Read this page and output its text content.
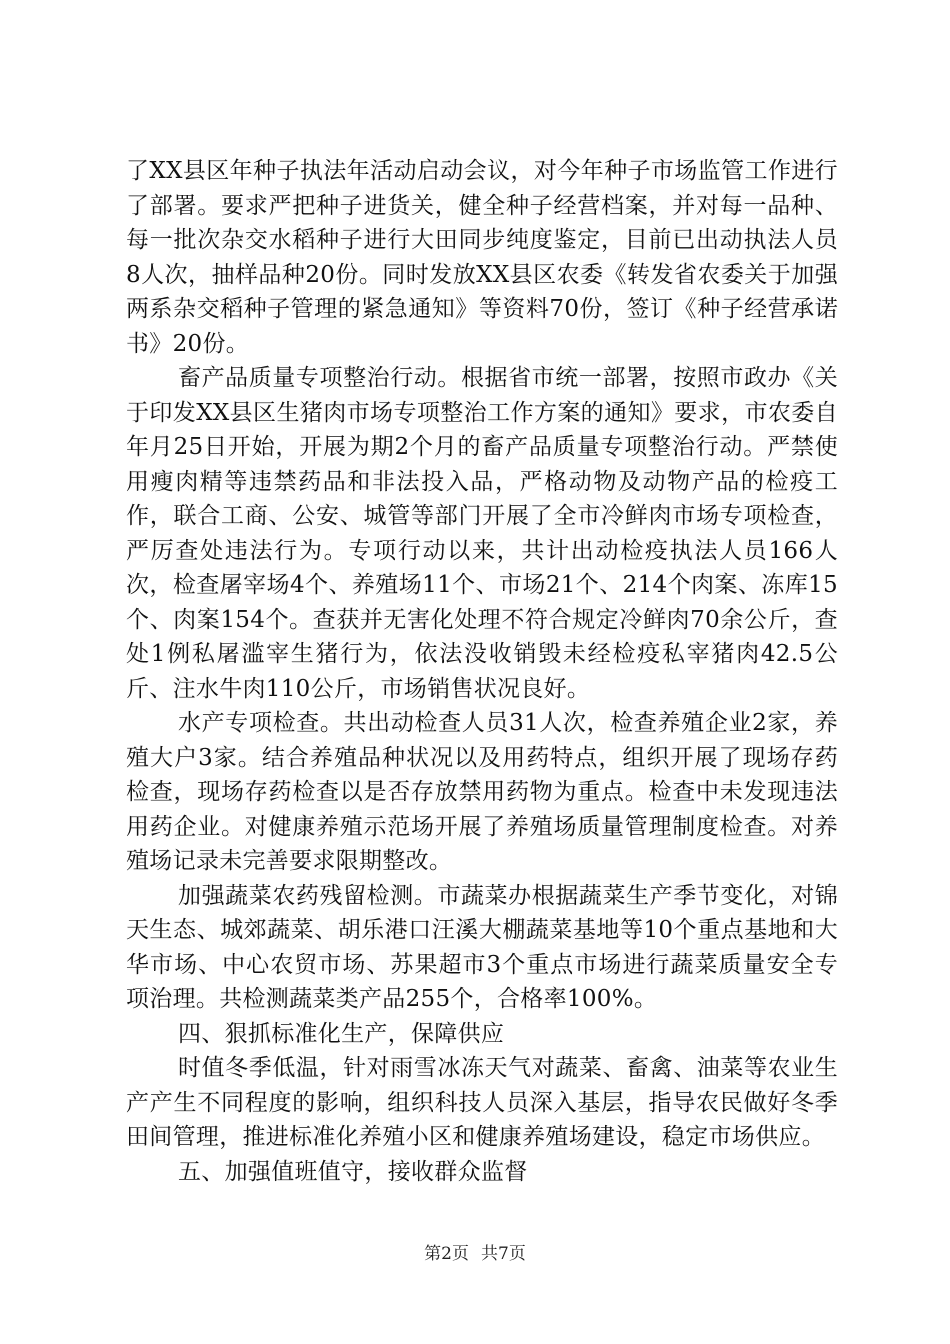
了XX县区年种子执法年活动启动会议，对今年种子市场监管工作进行了部署。要求严把种子进货关，健全种子经营档案，并对每一品种、每一批次杂交水稻种子进行大田同步纯度鉴定，目前已出动执法人员8人次，抽样品种20份。同时发放XX县区农委《转发省农委关于加强两系杂交稻种子管理的紧急通知》等资料70份，签订《种子经营承诺书》20份。

畜产品质量专项整治行动。根据省市统一部署，按照市政办《关于印发XX县区生猪肉市场专项整治工作方案的通知》要求，市农委自年月25日开始，开展为期2个月的畜产品质量专项整治行动。严禁使用瘦肉精等违禁药品和非法投入品，严格动物及动物产品的检疫工作，联合工商、公安、城管等部门开展了全市冷鲜肉市场专项检查，严厉查处违法行为。专项行动以来，共计出动检疫执法人员166人次，检查屠宰场4个、养殖场11个、市场21个、214个肉案、冻库15个、肉案154个。查获并无害化处理不符合规定冷鲜肉70余公斤，查处1例私屠滥宰生猪行为，依法没收销毁未经检疫私宰猪肉42.5公斤、注水牛肉110公斤，市场销售状况良好。

水产专项检查。共出动检查人员31人次，检查养殖企业2家，养殖大户3家。结合养殖品种状况以及用药特点，组织开展了现场存药检查，现场存药检查以是否存放禁用药物为重点。检查中未发现违法用药企业。对健康养殖示范场开展了养殖场质量管理制度检查。对养殖场记录未完善要求限期整改。

加强蔬菜农药残留检测。市蔬菜办根据蔬菜生产季节变化，对锦天生态、城郊蔬菜、胡乐港口汪溪大棚蔬菜基地等10个重点基地和大华市场、中心农贸市场、苏果超市3个重点市场进行蔬菜质量安全专项治理。共检测蔬菜类产品255个，合格率100%。

四、狠抓标准化生产，保障供应

时值冬季低温，针对雨雪冰冻天气对蔬菜、畜禽、油菜等农业生产产生不同程度的影响，组织科技人员深入基层，指导农民做好冬季田间管理，推进标准化养殖小区和健康养殖场建设，稳定市场供应。

五、加强值班值守，接收群众监督

第2页 共7页
